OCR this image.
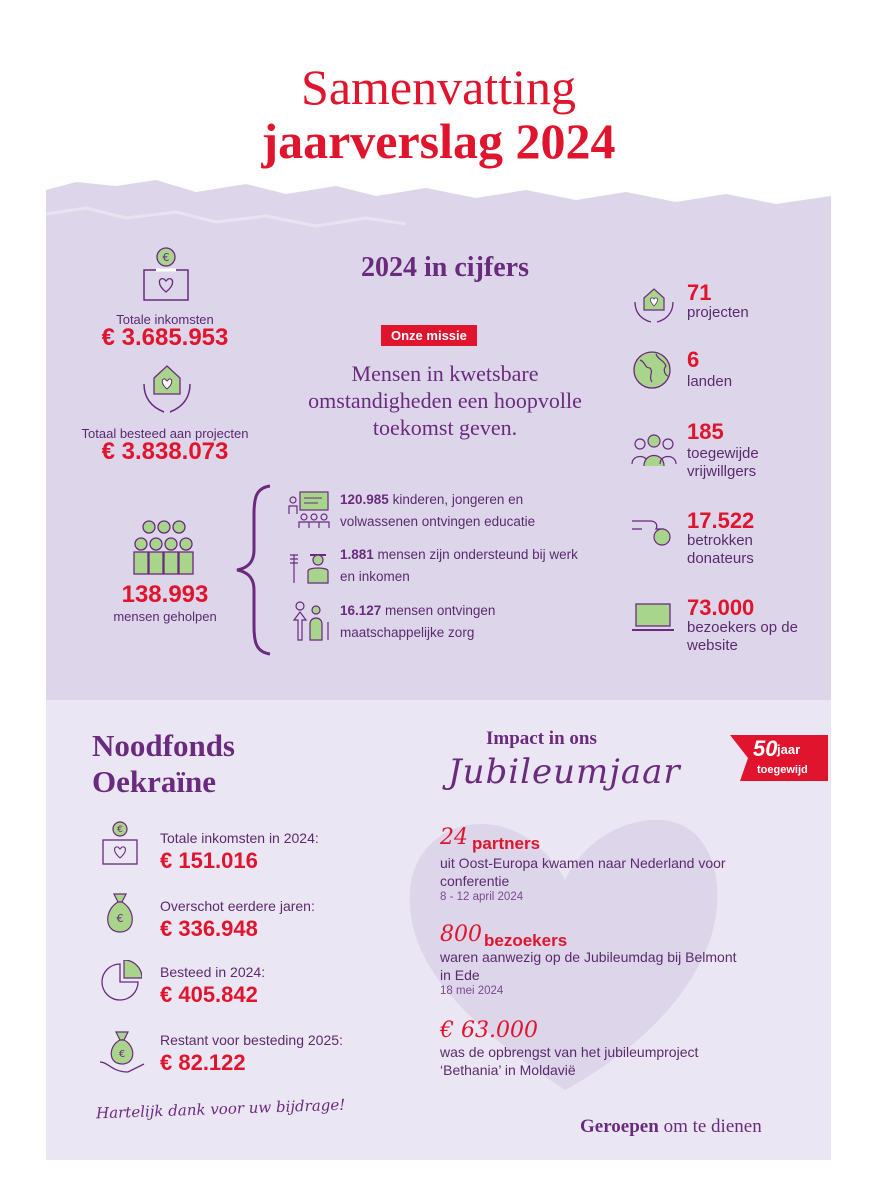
Samenvatting
jaarverslag 2024
€
Totale inkomsten
€ 3.685.953
Totaal besteed aan projecten
€ 3.838.073
138.993
mensen geholpen
2024 in cijfers
Onze missie
Mensen in kwetsbare omstandigheden een hoopvolle toekomst geven.
120.985 kinderen, jongeren en volwassenen ontvingen educatie
1.881 mensen zijn ondersteund bij werk en inkomen
16.127 mensen ontvingen maatschappelijke zorg
71
projecten
6
landen
185
toegewijde vrijwillgers
17.522
betrokken donateurs
73.000
bezoekers op de website
Noodfonds
Oekraïne
€	Totale inkomsten in 2024:
€ 151.016
€
Overschot eerdere jaren:
€ 336.948
Besteed in 2024:
€ 405.842
€
Restant voor besteding 2025:
€ 82.122
Hartelijk dank voor uw bijdrage!
Impact in ons
Jubileumjaar
50 jaar
toegewijd
24 partners
uit Oost-Europa kwamen naar Nederland voor conferentie
8 - 12 april 2024
800 bezoekers
waren aanwezig op de Jubileumdag bij Belmont in Ede
18 mei 2024
€ 63.000
was de opbrengst van het jubileumproject ‘Bethania’ in Moldavië
Geroepen om te dienen
